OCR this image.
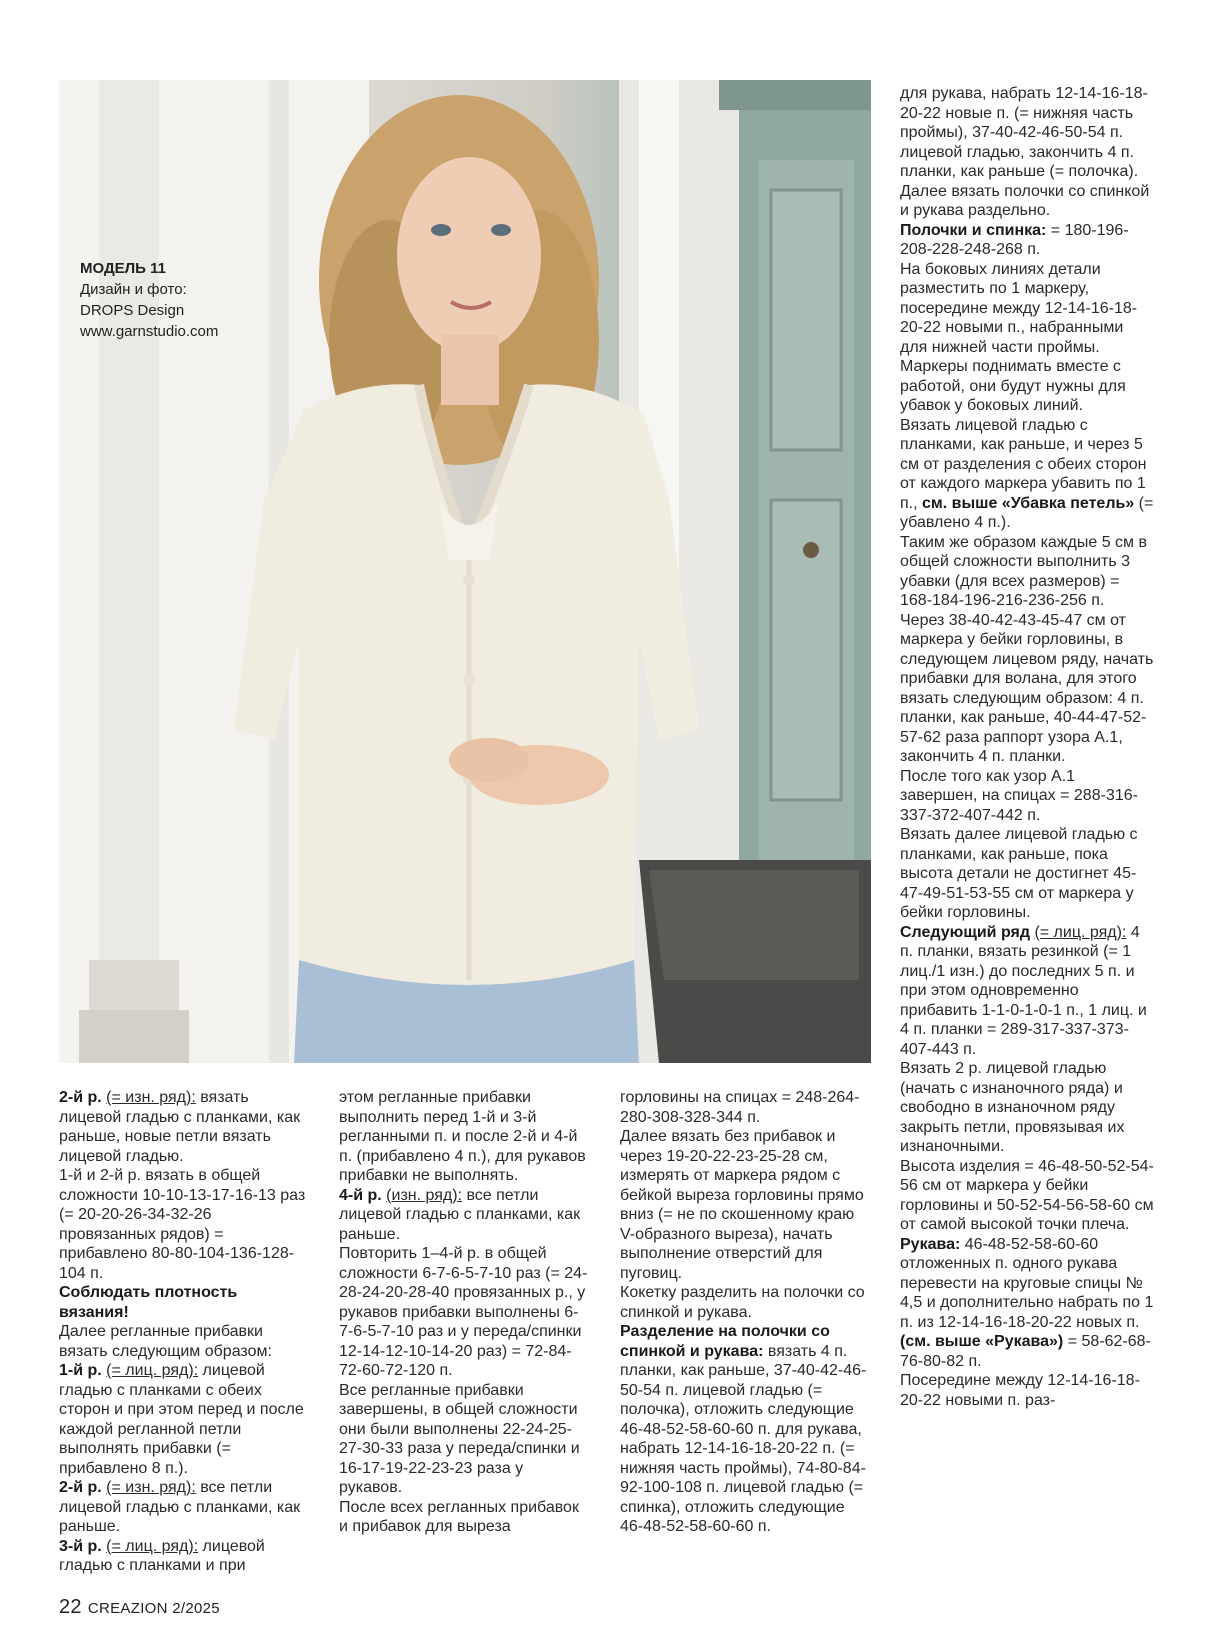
МОДЕЛЬ 11
Дизайн и фото:
DROPS Design
www.garnstudio.com

2-й р. (= изн. ряд): вязать лицевой гладью с планками, как раньше, новые петли вязать лицевой гладью.

1-й и 2-й р. вязать в общей сложности 10-10-13-17-16-13 раз (= 20-20-26-34-32-26 провязанных рядов) = прибавлено 80-80-104-136-128-104 п.

Соблюдать плотность вязания!

Далее регланные прибавки вязать следующим образом:

1-й р. (= лиц. ряд): лицевой гладью с планками с обеих сторон и при этом перед и после каждой регланной петли выполнять прибавки (= прибавлено 8 п.).

2-й р. (= изн. ряд): все петли лицевой гладью с планками, как раньше.

3-й р. (= лиц. ряд): лицевой гладью с планками и при

этом регланные прибавки выполнить перед 1-й и 3-й регланными п. и после 2-й и 4-й п. (прибавлено 4 п.), для рукавов прибавки не выполнять.

4-й р. (изн. ряд): все петли лицевой гладью с планками, как раньше.

Повторить 1–4-й р. в общей сложности 6-7-6-5-7-10 раз (= 24-28-24-20-28-40 провязанных р., у рукавов прибавки выполнены 6-7-6-5-7-10 раз и у переда/спинки 12-14-12-10-14-20 раз) = 72-84-72-60-72-120 п.

Все регланные прибавки завершены, в общей сложности они были выполнены 22-24-25-27-30-33 раза у переда/спинки и 16-17-19-22-23-23 раза у рукавов.

После всех регланных прибавок и прибавок для выреза

горловины на спицах = 248-264-280-308-328-344 п.

Далее вязать без прибавок и через 19-20-22-23-25-28 см, измерять от маркера рядом с бейкой выреза горловины прямо вниз (= не по скошенному краю V-образного выреза), начать выполнение отверстий для пуговиц.

Кокетку разделить на полочки со спинкой и рукава.

Разделение на полочки со спинкой и рукава: вязать 4 п. планки, как раньше, 37-40-42-46-50-54 п. лицевой гладью (= полочка), отложить следующие 46-48-52-58-60-60 п. для рукава, набрать 12-14-16-18-20-22 п. (= нижняя часть проймы), 74-80-84-92-100-108 п. лицевой гладью (= спинка), отложить следующие 46-48-52-58-60-60 п.

для рукава, набрать 12-14-16-18-20-22 новые п. (= нижняя часть проймы), 37-40-42-46-50-54 п. лицевой гладью, закончить 4 п. планки, как раньше (= полочка). Далее вязать полочки со спинкой и рукава раздельно.

Полочки и спинка: = 180-196-208-228-248-268 п.

На боковых линиях детали разместить по 1 маркеру, посередине между 12-14-16-18-20-22 новыми п., набранными для нижней части проймы. Маркеры поднимать вместе с работой, они будут нужны для убавок у боковых линий.

Вязать лицевой гладью с планками, как раньше, и через 5 см от разделения с обеих сторон от каждого маркера убавить по 1 п., см. выше «Убавка петель» (= убавлено 4 п.).

Таким же образом каждые 5 см в общей сложности выполнить 3 убавки (для всех размеров) = 168-184-196-216-236-256 п.

Через 38-40-42-43-45-47 см от маркера у бейки горловины, в следующем лицевом ряду, начать прибавки для волана, для этого вязать следующим образом: 4 п. планки, как раньше, 40-44-47-52-57-62 раза раппорт узора A.1, закончить 4 п. планки.

После того как узор A.1 завершен, на спицах = 288-316-337-372-407-442 п.

Вязать далее лицевой гладью с планками, как раньше, пока высота детали не достигнет 45-47-49-51-53-55 см от маркера у бейки горловины.

Следующий ряд (= лиц. ряд): 4 п. планки, вязать резинкой (= 1 лиц./1 изн.) до последних 5 п. и при этом одновременно прибавить 1-1-0-1-0-1 п., 1 лиц. и 4 п. планки = 289-317-337-373-407-443 п.

Вязать 2 р. лицевой гладью (начать с изнаночного ряда) и свободно в изнаночном ряду закрыть петли, провязывая их изнаночными.

Высота изделия = 46-48-50-52-54-56 см от маркера у бейки горловины и 50-52-54-56-58-60 см от самой высокой точки плеча.

Рукава: 46-48-52-58-60-60 отложенных п. одного рукава перевести на круговые спицы № 4,5 и дополнительно набрать по 1 п. из 12-14-16-18-20-22 новых п. (см. выше «Рукава») = 58-62-68-76-80-82 п.

Посередине между 12-14-16-18-20-22 новыми п. раз-

22 CREAZION 2/2025
